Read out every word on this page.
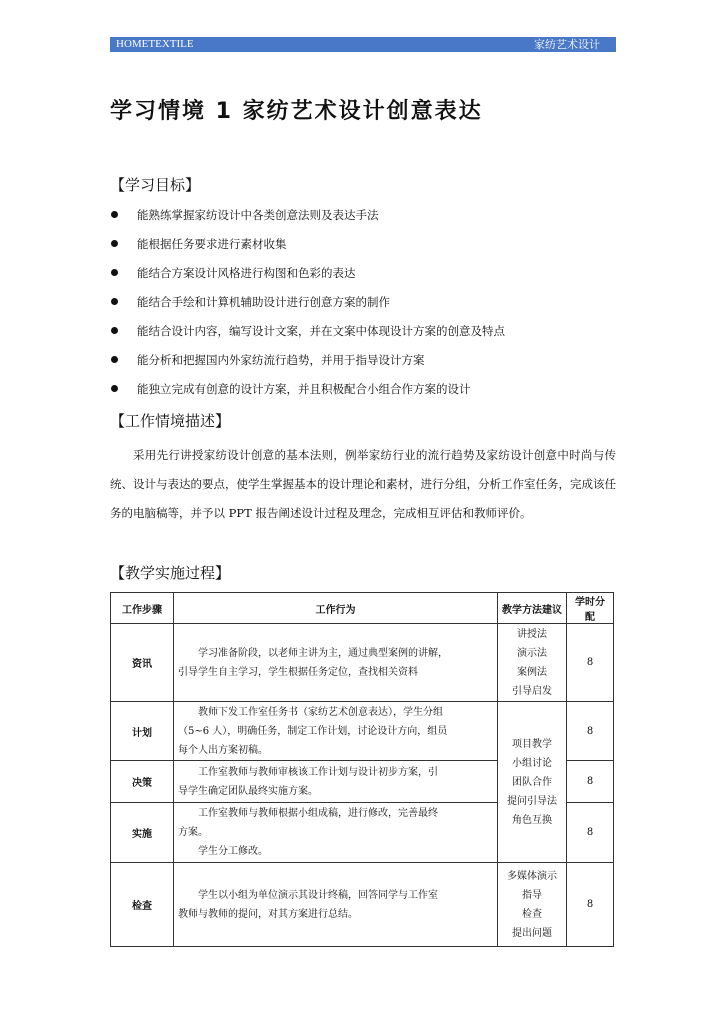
HOMETEXTILE	家纺艺术设计
学习情境 1 家纺艺术设计创意表达
【学习目标】
能熟练掌握家纺设计中各类创意法则及表达手法
能根据任务要求进行素材收集
能结合方案设计风格进行构图和色彩的表达
能结合手绘和计算机辅助设计进行创意方案的制作
能结合设计内容，编写设计文案，并在文案中体现设计方案的创意及特点
能分析和把握国内外家纺流行趋势，并用于指导设计方案
能独立完成有创意的设计方案，并且积极配合小组合作方案的设计
【工作情境描述】
采用先行讲授家纺设计创意的基本法则，例举家纺行业的流行趋势及家纺设计创意中时尚与传统、设计与表达的要点，使学生掌握基本的设计理论和素材，进行分组，分析工作室任务，完成该任务的电脑稿等，并予以 PPT 报告阐述设计过程及理念，完成相互评估和教师评价。
【教学实施过程】
工作步骤	工作行为	教学方法建议	学时分配
资讯	学习准备阶段，以老师主讲为主，通过典型案例的讲解，
引导学生自主学习，学生根据任务定位，查找相关资料	讲授法
演示法
案例法
引导启发	8
计划	教师下发工作室任务书（家纺艺术创意表达），学生分组
（5~6 人），明确任务，制定工作计划，讨论设计方向，组员
每个人出方案初稿。	项目教学
小组讨论
团队合作
提问引导法
角色互换	8
决策	工作室教师与教师审核该工作计划与设计初步方案，引
导学生确定团队最终实施方案。		8
实施	工作室教师与教师根据小组成稿，进行修改，完善最终
方案。
学生分工修改。		8
检查	学生以小组为单位演示其设计终稿，回答同学与工作室
教师与教师的提问，对其方案进行总结。	多媒体演示
指导
检查
提出问题	8
